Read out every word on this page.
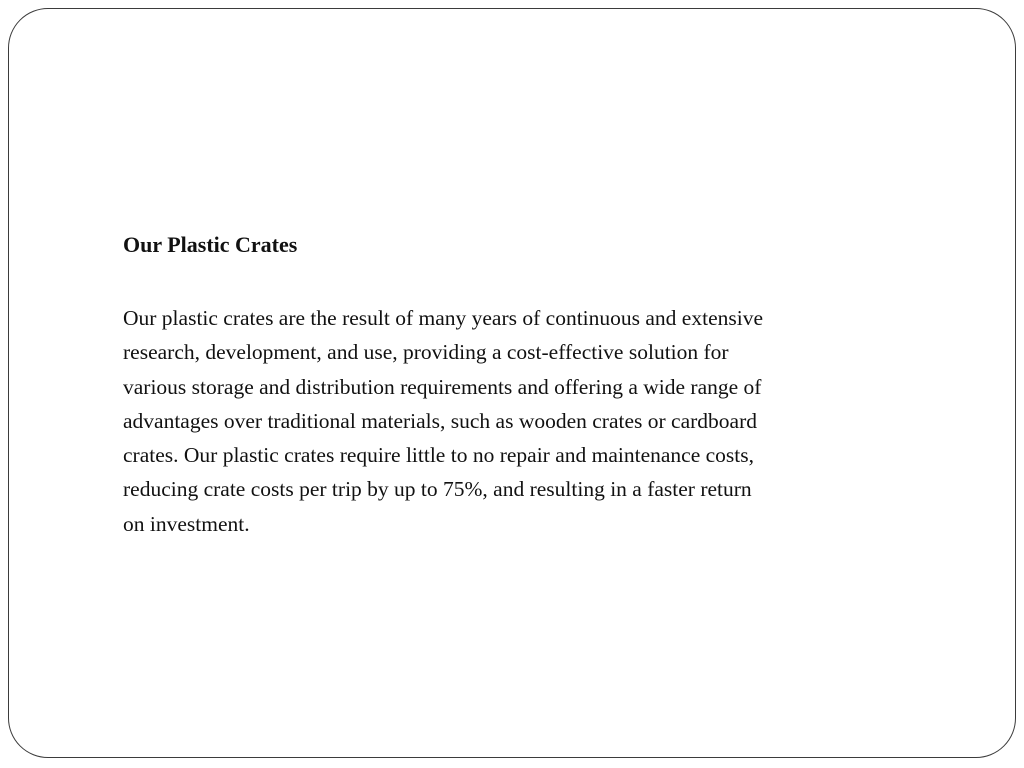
Our Plastic Crates

Our plastic crates are the result of many years of continuous and extensive
research, development, and use, providing a cost-effective solution for
various storage and distribution requirements and offering a wide range of
advantages over traditional materials, such as wooden crates or cardboard
crates. Our plastic crates require little to no repair and maintenance costs,
reducing crate costs per trip by up to 75%, and resulting in a faster return
on investment.
